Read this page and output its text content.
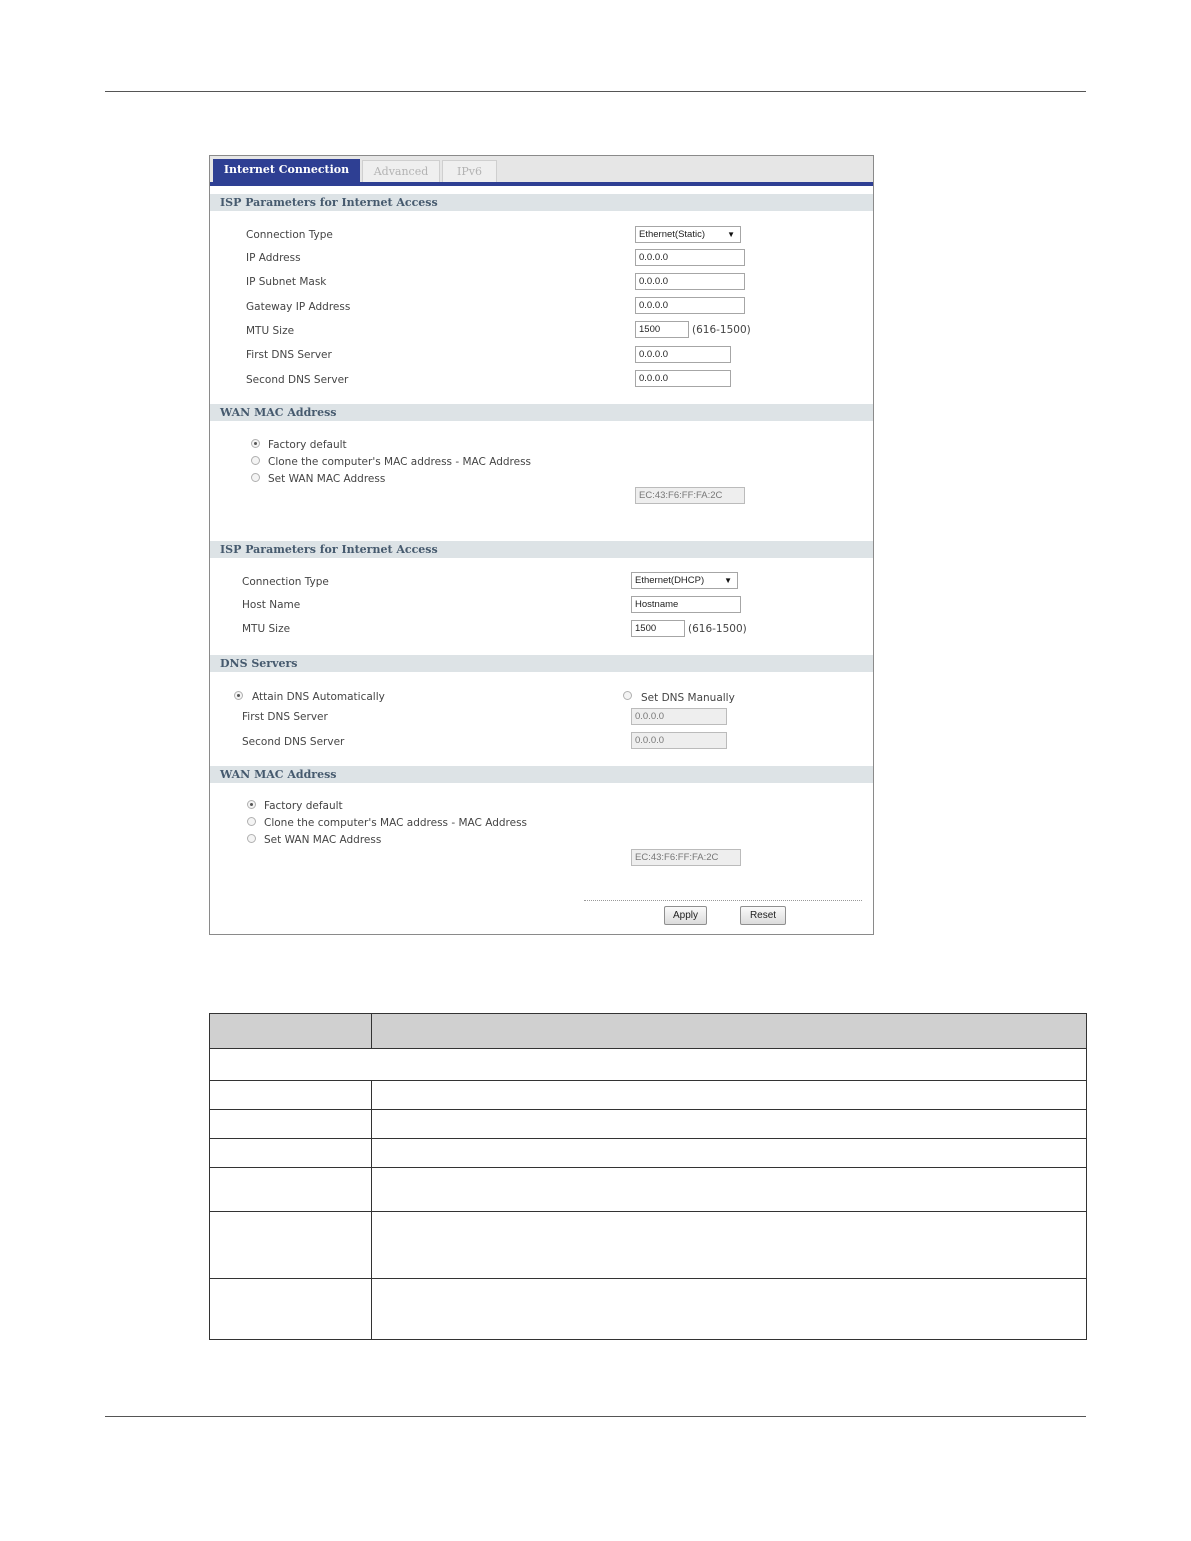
Internet Connection	Advanced	IPv6
ISP Parameters for Internet Access
Connection Type	Ethernet(Static)	▼
IP Address	0.0.0.0
IP Subnet Mask	0.0.0.0
Gateway IP Address	0.0.0.0
MTU Size	1500	(616-1500)
First DNS Server	0.0.0.0
Second DNS Server	0.0.0.0
WAN MAC Address
Factory default
Clone the computer's MAC address - MAC Address
Set WAN MAC Address
EC:43:F6:FF:FA:2C
ISP Parameters for Internet Access
Connection Type	Ethernet(DHCP) ▼
Host Name	Hostname
MTU Size	1500	(616-1500)
DNS Servers
Attain DNS Automatically	Set DNS Manually
First DNS Server	0.0.0.0
Second DNS Server	0.0.0.0
WAN MAC Address
Factory default
Clone the computer's MAC address - MAC Address
Set WAN MAC Address
EC:43:F6:FF:FA:2C
Apply	Reset
